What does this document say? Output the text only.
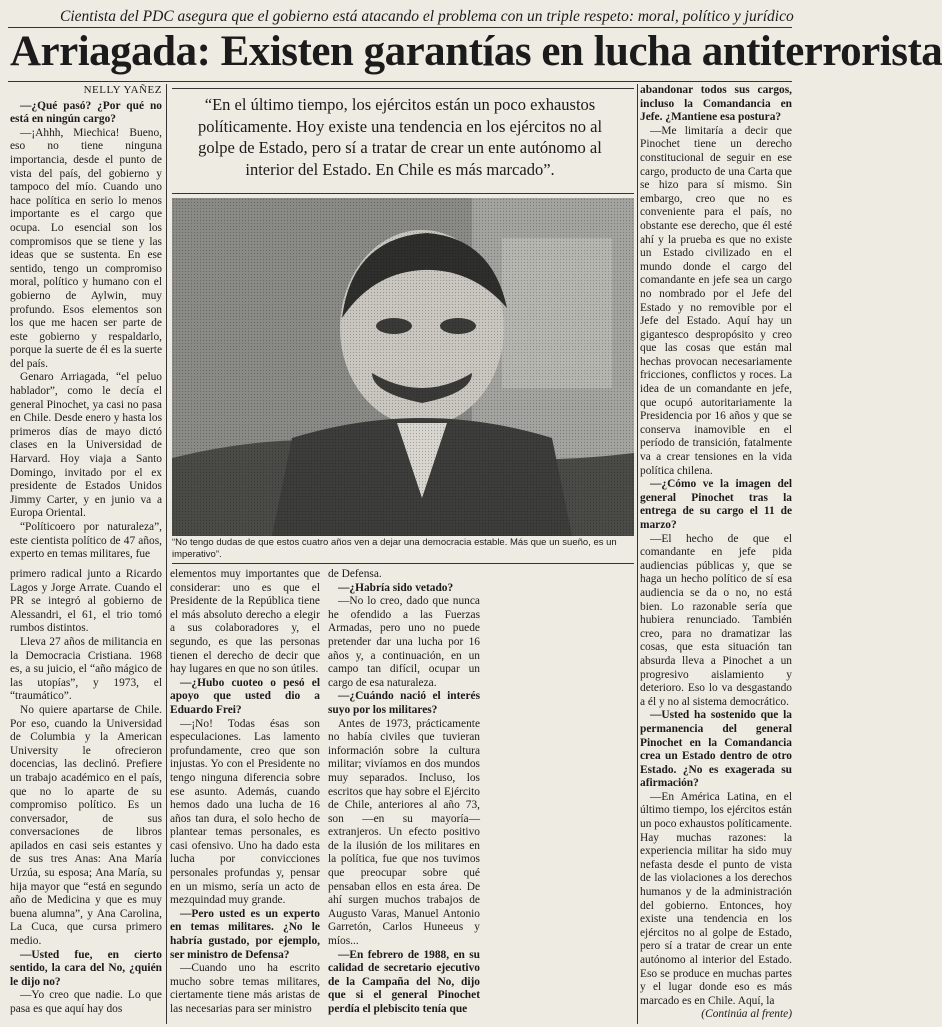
Cientista del PDC asegura que el gobierno está atacando el problema con un triple respeto: moral, político y jurídico
Arriagada: Existen garantías en lucha antiterrorista
NELLY YAÑEZ

—¿Qué pasó? ¿Por qué no está en ningún cargo?

—¡Ahhh, Miechica! Bueno, eso no tiene ninguna importancia, desde el punto de vista del país, del gobierno y tampoco del mío. Cuando uno hace política en serio lo menos importante es el cargo que ocupa. Lo esencial son los compromisos que se tiene y las ideas que se sustenta. En ese sentido, tengo un compromiso moral, político y humano con el gobierno de Aylwin, muy profundo. Esos elementos son los que me hacen ser parte de este gobierno y respaldarlo, porque la suerte de él es la suerte del país.

Genaro Arriagada, “el peluo hablador”, como le decía el general Pinochet, ya casi no pasa en Chile. Desde enero y hasta los primeros días de mayo dictó clases en la Universidad de Harvard. Hoy viaja a Santo Domingo, invitado por el ex presidente de Estados Unidos Jimmy Carter, y en junio va a Europa Oriental.

“Políticoero por naturaleza”, este cientista político de 47 años, experto en temas militares, fue

“En el último tiempo, los ejércitos están un poco exhaustos políticamente. Hoy existe una tendencia en los ejércitos no al golpe de Estado, pero sí a tratar de crear un ente autónomo al interior del Estado. En Chile es más marcado”.
“No tengo dudas de que estos cuatro años ven a dejar una democracia estable. Más que un sueño, es un imperativo”.

primero radical junto a Ricardo Lagos y Jorge Arrate. Cuando el PR se integró al gobierno de Alessandri, el 61, el trio tomó rumbos distintos.

Lleva 27 años de militancia en la Democracia Cristiana. 1968 es, a su juicio, el “año mágico de las utopías”, y 1973, el “traumático”.

No quiere apartarse de Chile. Por eso, cuando la Universidad de Columbia y la American University le ofrecieron docencias, las declinó. Prefiere un trabajo académico en el país, que no lo aparte de su compromiso político. Es un conversador, de sus conversaciones de libros apilados en casi seis estantes y de sus tres Anas: Ana María Urzúa, su esposa; Ana María, su hija mayor que “está en segundo año de Medicina y que es muy buena alumna”, y Ana Carolina, La Cuca, que cursa primero medio.

—Usted fue, en cierto sentido, la cara del No, ¿quién le dijo no?

—Yo creo que nadie. Lo que pasa es que aquí hay dos

elementos muy importantes que considerar: uno es que el Presidente de la República tiene el más absoluto derecho a elegir a sus colaboradores y, el segundo, es que las personas tienen el derecho de decir que hay lugares en que no son útiles.

—¿Hubo cuoteo o pesó el apoyo que usted dio a Eduardo Frei?

—¡No! Todas ésas son especulaciones. Las lamento profundamente, creo que son injustas. Yo con el Presidente no tengo ninguna diferencia sobre ese asunto. Además, cuando hemos dado una lucha de 16 años tan dura, el solo hecho de plantear temas personales, es casi ofensivo. Uno ha dado esta lucha por convicciones personales profundas y, pensar en un mismo, sería un acto de mezquindad muy grande.

—Pero usted es un experto en temas militares. ¿No le habría gustado, por ejemplo, ser ministro de Defensa?

—Cuando uno ha escrito mucho sobre temas militares, ciertamente tiene más aristas de las necesarias para ser ministro

de Defensa.

—¿Habría sido vetado?

—No lo creo, dado que nunca he ofendido a las Fuerzas Armadas, pero uno no puede pretender dar una lucha por 16 años y, a continuación, en un campo tan difícil, ocupar un cargo de esa naturaleza.

—¿Cuándo nació el interés suyo por los militares?

Antes de 1973, prácticamente no había civiles que tuvieran información sobre la cultura militar; vivíamos en dos mundos muy separados. Incluso, los escritos que hay sobre el Ejército de Chile, anteriores al año 73, son —en su mayoría— extranjeros. Un efecto positivo de la ilusión de los militares en la política, fue que nos tuvimos que preocupar sobre qué pensaban ellos en esta área. De ahí surgen muchos trabajos de Augusto Varas, Manuel Antonio Garretón, Carlos Huneeus y míos...

—En febrero de 1988, en su calidad de secretario ejecutivo de la Campaña del No, dijo que si el general Pinochet perdía el plebiscito tenía que

abandonar todos sus cargos, incluso la Comandancia en Jefe. ¿Mantiene esa postura?

—Me limitaría a decir que Pinochet tiene un derecho constitucional de seguir en ese cargo, producto de una Carta que se hizo para sí mismo. Sin embargo, creo que no es conveniente para el país, no obstante ese derecho, que él esté ahí y la prueba es que no existe un Estado civilizado en el mundo donde el cargo del comandante en jefe sea un cargo no nombrado por el Jefe del Estado y no removible por el Jefe del Estado. Aquí hay un gigantesco despropósito y creo que las cosas que están mal hechas provocan necesariamente fricciones, conflictos y roces. La idea de un comandante en jefe, que ocupó autoritariamente la Presidencia por 16 años y que se conserva inamovible en el período de transición, fatalmente va a crear tensiones en la vida política chilena.

—¿Cómo ve la imagen del general Pinochet tras la entrega de su cargo el 11 de marzo?

—El hecho de que el comandante en jefe pida audiencias públicas y, que se haga un hecho político de sí esa audiencia se da o no, no está bien. Lo razonable sería que hubiera renunciado. También creo, para no dramatizar las cosas, que esta situación tan absurda lleva a Pinochet a un progresivo aislamiento y deterioro. Eso lo va desgastando a él y no al sistema democrático.

—Usted ha sostenido que la permanencia del general Pinochet en la Comandancia crea un Estado dentro de otro Estado. ¿No es exagerada su afirmación?

—En América Latina, en el último tiempo, los ejércitos están un poco exhaustos políticamente. Hay muchas razones: la experiencia militar ha sido muy nefasta desde el punto de vista de las violaciones a los derechos humanos y de la administración del gobierno. Entonces, hoy existe una tendencia en los ejércitos no al golpe de Estado, pero sí a tratar de crear un ente autónomo al interior del Estado. Eso se produce en muchas partes y el lugar donde eso es más marcado es en Chile. Aquí, la

(Continúa al frente)
